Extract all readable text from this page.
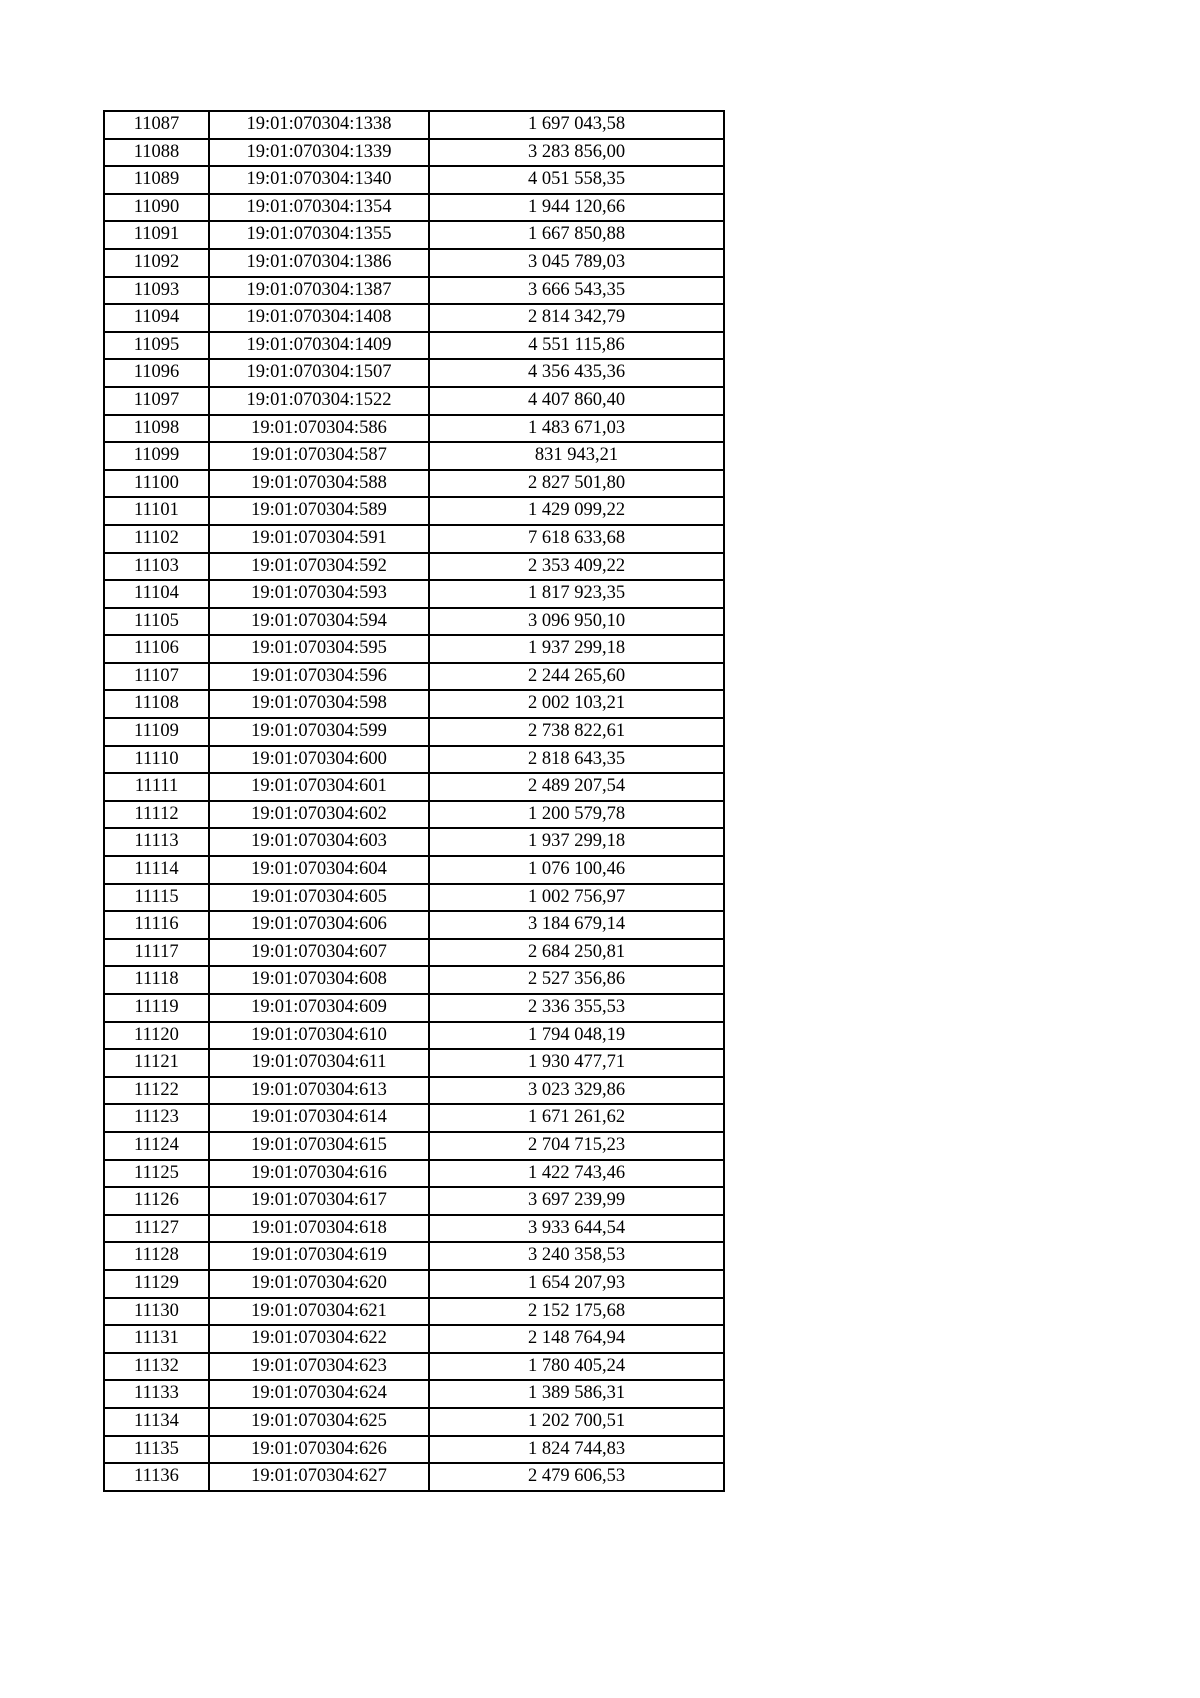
11087	19:01:070304:1338	1 697 043,58
11088	19:01:070304:1339	3 283 856,00
11089	19:01:070304:1340	4 051 558,35
11090	19:01:070304:1354	1 944 120,66
11091	19:01:070304:1355	1 667 850,88
11092	19:01:070304:1386	3 045 789,03
11093	19:01:070304:1387	3 666 543,35
11094	19:01:070304:1408	2 814 342,79
11095	19:01:070304:1409	4 551 115,86
11096	19:01:070304:1507	4 356 435,36
11097	19:01:070304:1522	4 407 860,40
11098	19:01:070304:586	1 483 671,03
11099	19:01:070304:587	831 943,21
11100	19:01:070304:588	2 827 501,80
11101	19:01:070304:589	1 429 099,22
11102	19:01:070304:591	7 618 633,68
11103	19:01:070304:592	2 353 409,22
11104	19:01:070304:593	1 817 923,35
11105	19:01:070304:594	3 096 950,10
11106	19:01:070304:595	1 937 299,18
11107	19:01:070304:596	2 244 265,60
11108	19:01:070304:598	2 002 103,21
11109	19:01:070304:599	2 738 822,61
11110	19:01:070304:600	2 818 643,35
11111	19:01:070304:601	2 489 207,54
11112	19:01:070304:602	1 200 579,78
11113	19:01:070304:603	1 937 299,18
11114	19:01:070304:604	1 076 100,46
11115	19:01:070304:605	1 002 756,97
11116	19:01:070304:606	3 184 679,14
11117	19:01:070304:607	2 684 250,81
11118	19:01:070304:608	2 527 356,86
11119	19:01:070304:609	2 336 355,53
11120	19:01:070304:610	1 794 048,19
11121	19:01:070304:611	1 930 477,71
11122	19:01:070304:613	3 023 329,86
11123	19:01:070304:614	1 671 261,62
11124	19:01:070304:615	2 704 715,23
11125	19:01:070304:616	1 422 743,46
11126	19:01:070304:617	3 697 239,99
11127	19:01:070304:618	3 933 644,54
11128	19:01:070304:619	3 240 358,53
11129	19:01:070304:620	1 654 207,93
11130	19:01:070304:621	2 152 175,68
11131	19:01:070304:622	2 148 764,94
11132	19:01:070304:623	1 780 405,24
11133	19:01:070304:624	1 389 586,31
11134	19:01:070304:625	1 202 700,51
11135	19:01:070304:626	1 824 744,83
11136	19:01:070304:627	2 479 606,53
